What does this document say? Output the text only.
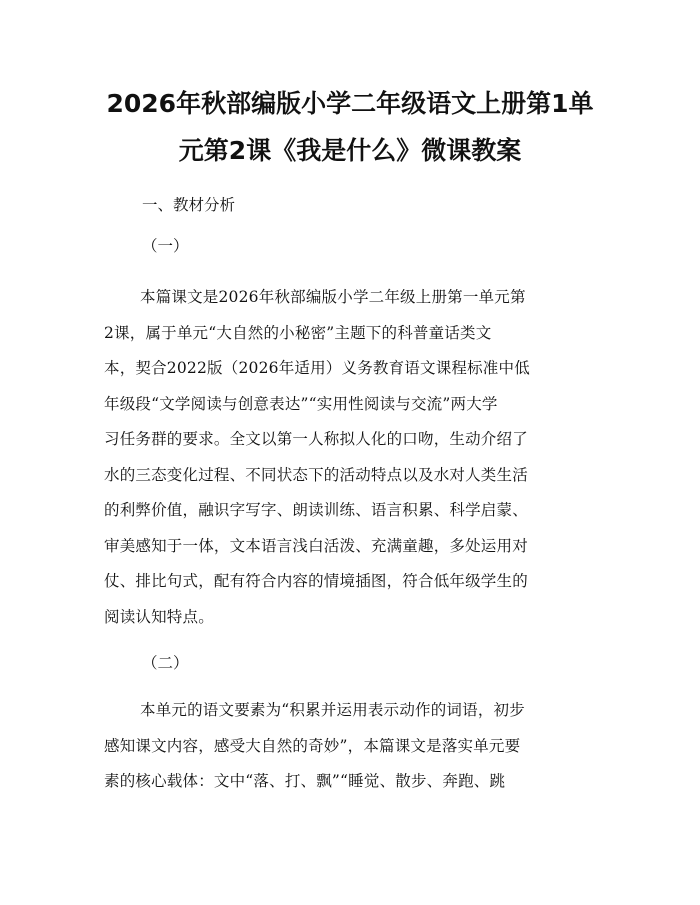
2026年秋部编版小学二年级语文上册第1单
元第2课《我是什么》微课教案

一、教材分析

（一）

本篇课文是2026年秋部编版小学二年级上册第一单元第
2课，属于单元“大自然的小秘密”主题下的科普童话类文
本，契合2022版（2026年适用）义务教育语文课程标准中低
年级段“文学阅读与创意表达”“实用性阅读与交流”两大学
习任务群的要求。全文以第一人称拟人化的口吻，生动介绍了
水的三态变化过程、不同状态下的活动特点以及水对人类生活
的利弊价值，融识字写字、朗读训练、语言积累、科学启蒙、
审美感知于一体，文本语言浅白活泼、充满童趣，多处运用对
仗、排比句式，配有符合内容的情境插图，符合低年级学生的
阅读认知特点。

（二）

本单元的语文要素为“积累并运用表示动作的词语，初步
感知课文内容，感受大自然的奇妙”，本篇课文是落实单元要
素的核心载体：文中“落、打、飘”“睡觉、散步、奔跑、跳
